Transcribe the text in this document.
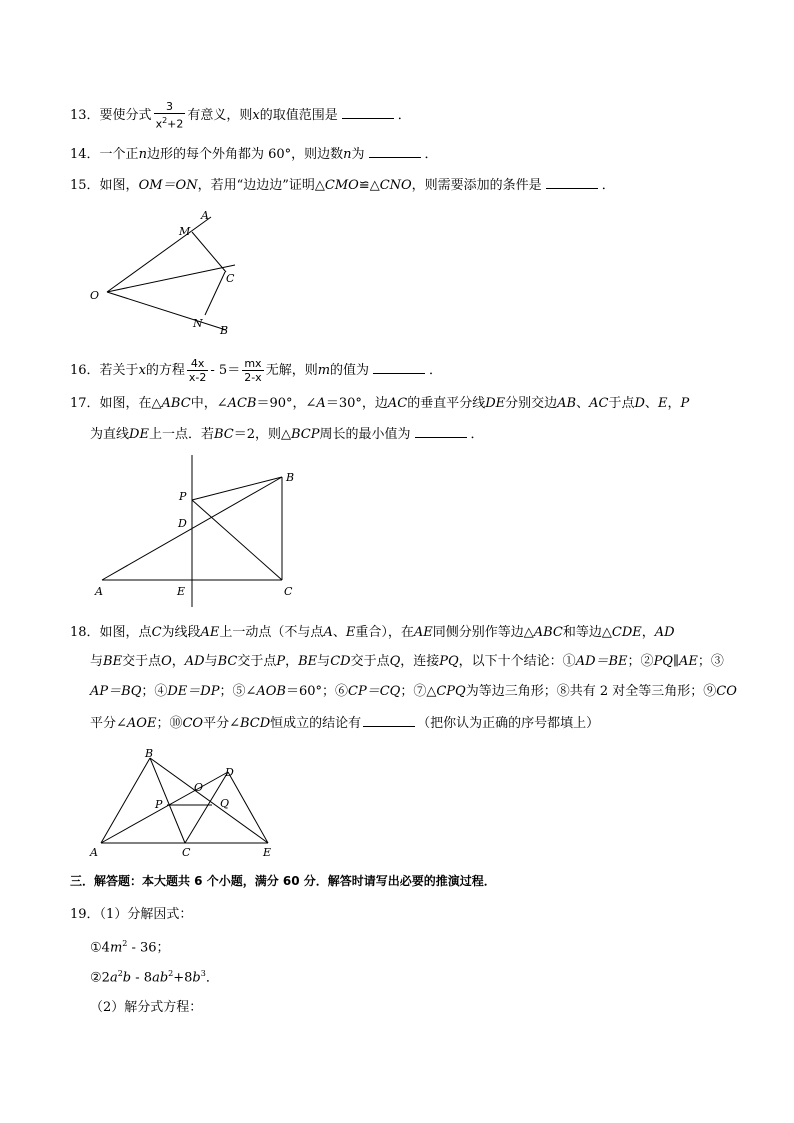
13．要使分式 $\frac{3}{x^2+2}$ 有意义，则x的取值范围是	．
14．一个正n边形的每个外角都为 60°，则边数n为	．
15．如图，OM＝ON，若用“边边边”证明△CMO≌△CNO，则需要添加的条件是	．
A
M
O
C
N
B
16．若关于x的方程 $\frac{4x}{x-2} - 5= \frac{mx}{2-x}$ 无解，则m的值为	．
17．如图，在△ABC中，∠ACB＝90°，∠A＝30°，边AC的垂直平分线DE分别交边AB、AC于点D、E，P
为直线DE上一点．若BC＝2，则△BCP周长的最小值为	．
P
B
D
A	E	C
18．如图，点C为线段AE上一动点（不与点A、E重合），在AE同侧分别作等边△ABC和等边△CDE，AD
与BE交于点O，AD与BC交于点P，BE与CD交于点Q，连接PQ，以下十个结论：①AD＝BE；②PQ∥AE；③
AP＝BQ；④DE＝DP；⑤∠AOB＝60°；⑥CP＝CQ；⑦△CPQ为等边三角形；⑧共有 2 对全等三角形；⑨CO
平分∠AOE；⑩CO平分∠BCD恒成立的结论有	（把你认为正确的序号都填上）
B
D
O
P	Q
A	C	E
三．解答题：本大题共 6 个小题，满分 60 分．解答时请写出必要的推演过程．
19．（1）分解因式：
$①4m^2 - 36$；
$②2a^2b - 8ab^2+8b^3$．
（2）解分式方程：
